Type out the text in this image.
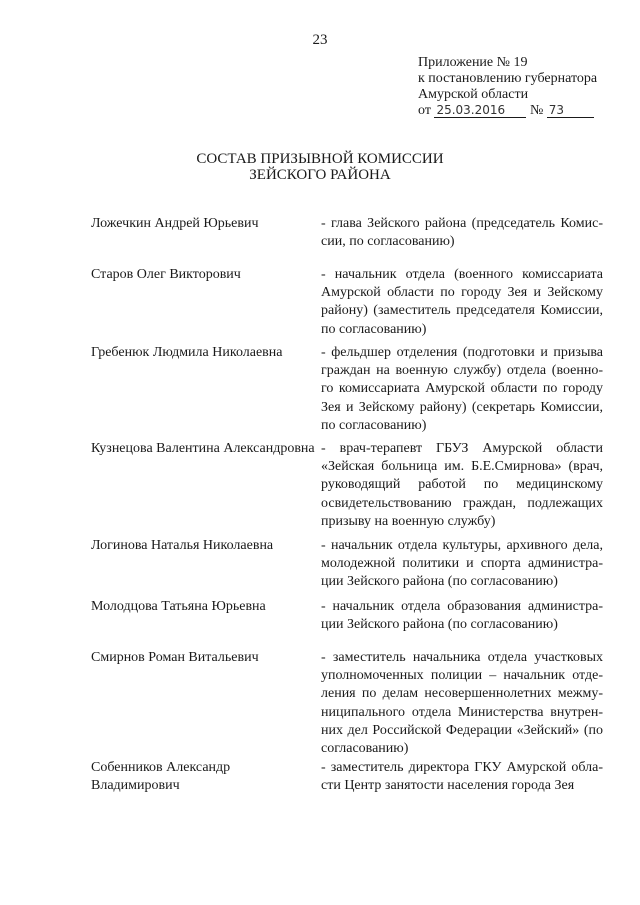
23
Приложение № 19
к постановлению губернатора
Амурской области
от 25.03.2016 № 73
СОСТАВ ПРИЗЫВНОЙ КОМИССИИ
ЗЕЙСКОГО РАЙОНА
Ложечкин Андрей Юрьевич	- глава Зейского района (председатель Комис-
сии, по согласованию)
Старов Олег Викторович	- начальник отдела (военного комиссариата
Амурской области по городу Зея и Зейскому
району) (заместитель председателя Комиссии,
по согласованию)
Гребенюк Людмила Николаевна	- фельдшер отделения (подготовки и призыва
граждан на военную службу) отдела (военно-
го комиссариата Амурской области по городу
Зея и Зейскому району) (секретарь Комиссии,
по согласованию)
Кузнецова Валентина Александровна - врач-терапевт ГБУЗ Амурской области
«Зейская больница им. Б.Е.Смирнова» (врач,
руководящий работой по медицинскому
освидетельствованию граждан, подлежащих
призыву на военную службу)
Логинова Наталья Николаевна	- начальник отдела культуры, архивного дела,
молодежной политики и спорта администра-
ции Зейского района (по согласованию)
Молодцова Татьяна Юрьевна	- начальник отдела образования администра-
ции Зейского района (по согласованию)
Смирнов Роман Витальевич	- заместитель начальника отдела участковых
уполномоченных полиции – начальник отде-
ления по делам несовершеннолетних межму-
ниципального отдела Министерства внутрен-
них дел Российской Федерации «Зейский» (по
согласованию)
Собенников Александр
Владимирович
- заместитель директора ГКУ Амурской обла-
сти Центр занятости населения города Зея
